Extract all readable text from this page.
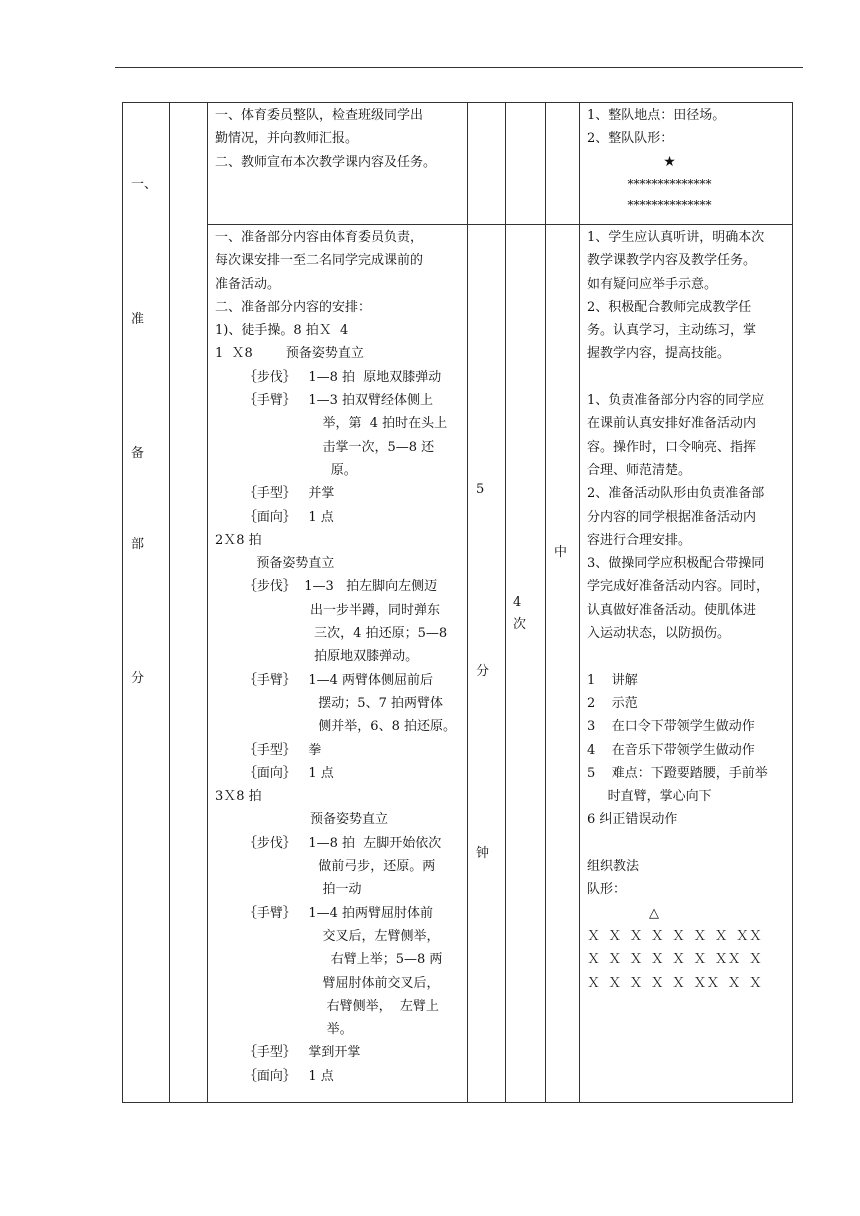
一、
准
备
部
分
一、体育委员整队，检查班级同学出
勤情况，并向教师汇报。
二、教师宣布本次教学课内容及任务。
1、整队地点：田径场。
2、整队队形：
★
**************
**************
一、准备部分内容由体育委员负责，
每次课安排一至二名同学完成课前的
准备活动。
二、准备部分内容的安排：
1)、徒手操。8 拍Ｘ  4
1  Ｘ8        预备姿势直立
｛步伐｝   1—8 拍  原地双膝弹动
｛手臂｝   1—3 拍双臂经体侧上
举，第  4 拍时在头上
击掌一次，5—8 还
原。
｛手型｝   并掌
｛面向｝   1 点
2Ｘ8 拍
预备姿势直立
｛步伐｝  1—3   拍左脚向左侧迈
出一步半蹲，同时弹东
三次，4 拍还原；5—8
拍原地双膝弹动。
｛手臂｝   1—4 两臂体侧屈前后
摆动；5、7 拍两臂体
侧并举，6、8 拍还原。
｛手型｝   拳
｛面向｝   1 点
3Ｘ8 拍
预备姿势直立
｛步伐｝   1—8 拍  左脚开始依次
做前弓步，还原。两
拍一动
｛手臂｝   1—4 拍两臂屈肘体前
交叉后，左臂侧举，
右臂上举；5—8 两
臂屈肘体前交叉后，
右臂侧举，  左臂上
举。
｛手型｝   掌到开掌
｛面向｝   1 点
5
分
钟
4
次
中
1、学生应认真听讲，明确本次
教学课教学内容及教学任务。
如有疑问应举手示意。
2、积极配合教师完成教学任
务。认真学习，主动练习，掌
握教学内容，提高技能。
1、负责准备部分内容的同学应
在课前认真安排好准备活动内
容。操作时，口令响亮、指挥
合理、师范清楚。
2、准备活动队形由负责准备部
分内容的同学根据准备活动内
容进行合理安排。
3、做操同学应积极配合带操同
学完成好准备活动内容。同时，
认真做好准备活动。使肌体进
入运动状态，以防损伤。
1    讲解
2    示范
3    在口令下带领学生做动作
4    在音乐下带领学生做动作
5    难点：下蹬要踏腰，手前举
时直臂，掌心向下
6 纠正错误动作
组织教法
队形：
△
Ｘ  Ｘ  Ｘ  Ｘ  Ｘ  Ｘ  Ｘ  ＸＸ
Ｘ  Ｘ  Ｘ  Ｘ  Ｘ  Ｘ  ＸＸ  Ｘ
Ｘ  Ｘ  Ｘ  Ｘ  Ｘ  ＸＸ  Ｘ  Ｘ
